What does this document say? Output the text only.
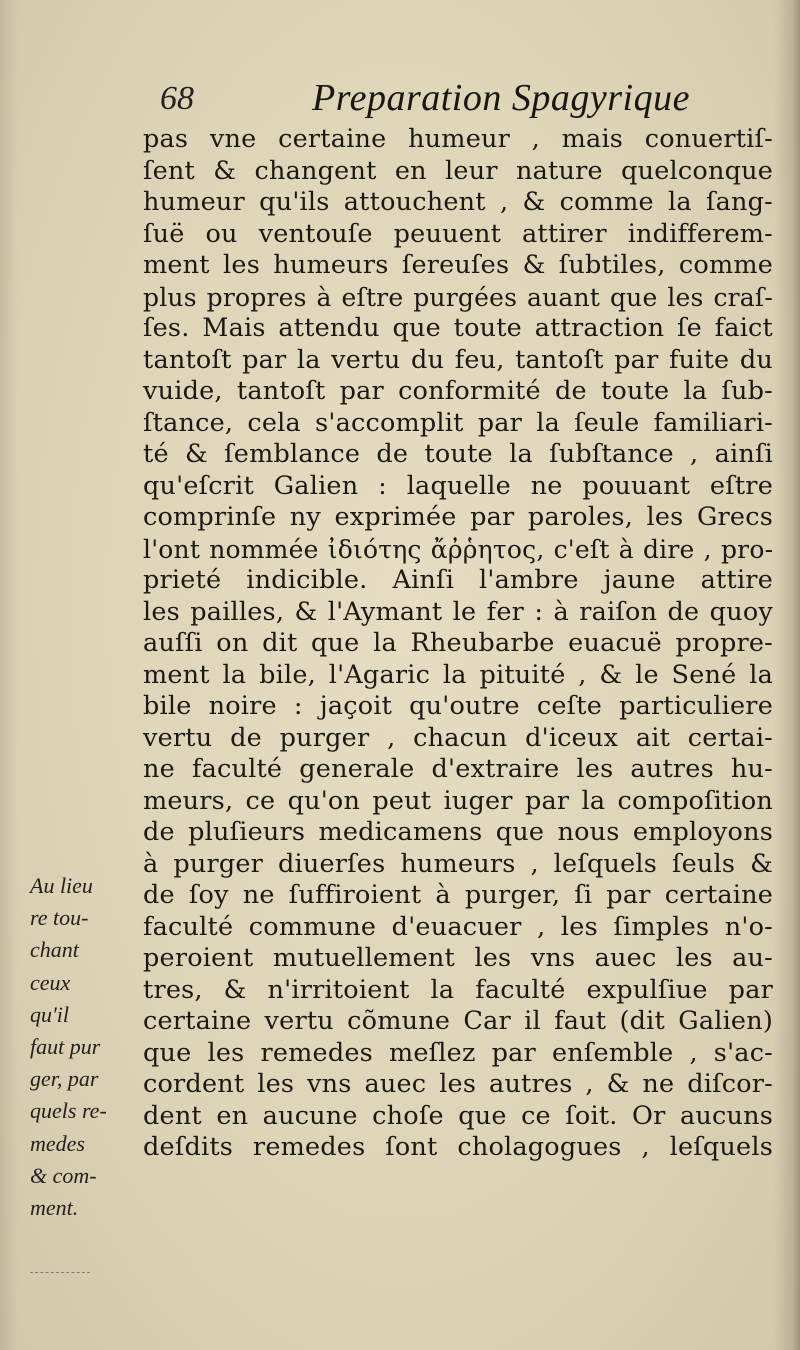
68	Preparation Spagyrique
pas vne certaine humeur , mais conuertiſ-
ſent & changent en leur nature quelconque
humeur qu'ils attouchent , & comme la ſang-
ſuë ou ventouſe peuuent attirer indifferem-
ment les humeurs ſereuſes & ſubtiles, comme
plus propres à eſtre purgées auant que les craſ-
ſes. Mais attendu que toute attraction ſe faict
tantoſt par la vertu du feu, tantoſt par fuite du
vuide, tantoſt par conformité de toute la ſub-
ſtance, cela s'accomplit par la ſeule familiari-
té & ſemblance de toute la ſubſtance , ainſi
qu'eſcrit Galien : laquelle ne pouuant eſtre
comprinſe ny exprimée par paroles, les Grecs
l'ont nommée ἰδιότης ἄῤῥητος, c'eſt à dire , pro-
prieté indicible. Ainſi l'ambre jaune attire
les pailles, & l'Aymant le fer : à raiſon de quoy
auſſi on dit que la Rheubarbe euacuë propre-
ment la bile, l'Agaric la pituité , & le Sené la
bile noire : jaçoit qu'outre ceſte particuliere
vertu de purger , chacun d'iceux ait certai-
ne faculté generale d'extraire les autres hu-
meurs, ce qu'on peut iuger par la compoſition
de pluſieurs medicamens que nous employons
à purger diuerſes humeurs , leſquels ſeuls &
de ſoy ne ſuffiroient à purger, ſi par certaine
faculté commune d'euacuer , les ſimples n'o-
peroient mutuellement les vns auec les au-
tres, & n'irritoient la faculté expulſiue par
certaine vertu cõmune Car il faut (dit Galien)
que les remedes meſlez par enſemble , s'ac-
cordent les vns auec les autres , & ne diſcor-
dent en aucune choſe que ce ſoit. Or aucuns
deſdits remedes ſont cholagogues , leſquels
Au lieu
re tou-
chant
ceux
qu'il
faut pur
ger, par
quels re-
medes
& com-
ment.
